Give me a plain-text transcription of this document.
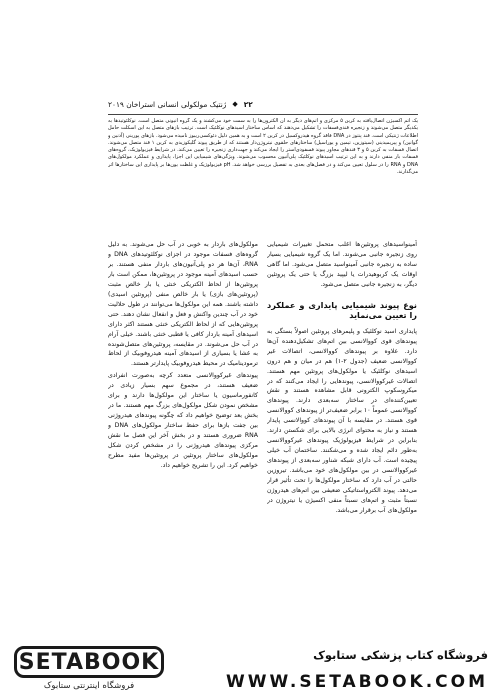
۲۲
◆
ژنتیک مولکولی انسانی استراخان ۲۰۱۹
یک اتم اکسیژن اتصال‌یافته به کربن ۵ مرکزی و اتم‌های دیگر به آن الکترون‌ها را به سمت خود می‌کشند و یک گروه آنیونی متصل است. نوکلئوتیدها به یکدیگر متصل می‌شوند و زنجیره قندی‌فسفات را تشکیل می‌دهند که اساس ساختار اسیدهای نوکلئیک است. ترتیب بازهای متصل به این اسکلت حامل اطلاعات ژنتیکی است. قند پنتوز در DNA فاقد گروه هیدروکسیل در کربن ۲ است و به همین دلیل دئوکسی‌ریبوز نامیده می‌شود. بازهای پورینی (آدنین و گوانین) و پیریمیدینی (سیتوزین، تیمین و یوراسیل) ساختارهای حلقوی نیتروژن‌دار هستند که از طریق پیوند گلیکوزیدی به کربن ۱ قند متصل می‌شوند. اتصال فسفات به کربن ۵ و ۳ قندهای مجاور پیوند فسفودی‌استر را ایجاد می‌کند و جهت‌داری زنجیره را تعیین می‌کند. در شرایط فیزیولوژیک، گروه‌های فسفات بار منفی دارند و به این ترتیب اسیدهای نوکلئیک پلی‌آنیون محسوب می‌شوند. ویژگی‌های شیمیایی این اجزا، پایداری و عملکرد مولکول‌های DNA و RNA را در سلول تعیین می‌کند و در فصل‌های بعدی به تفصیل بررسی خواهد شد. pH فیزیولوژیک و غلظت یون‌ها بر پایداری این ساختارها اثر می‌گذارند.

آمینواسیدهای پروتئین‌ها اغلب متحمل تغییرات شیمیایی روی زنجیره جانبی می‌شوند. اما یک گروه شیمیایی بسیار ساده به زنجیره جانبی آمینواسید متصل می‌شود. اما گاهی اوقات یک کربوهیدرات یا لیپید بزرگ یا حتی یک پروتئین دیگر، به زنجیره جانبی متصل می‌شود.

نوع پیوند شیمیایی پایداری و عملکرد را تعیین می‌نماید

پایداری اسید نوکلئیک و پلیمرهای پروتئین اصولاً بستگی به پیوندهای قوی کووالانسی بین اتم‌های تشکیل‌دهنده آن‌ها دارد. علاوه بر پیوندهای کووالانسی، اتصالات غیر کووالانسی ضعیف (جدول ۲-۱) هم در میان و هم درون اسیدهای نوکلئیک یا مولکول‌های پروتئین مهم هستند. اتصالات غیرکووالانسی، پیوندهایی را ایجاد می‌کنند که در میکروسکوپ الکترونی قابل مشاهده هستند و نقش تعیین‌کننده‌ای در ساختار سه‌بعدی دارند. پیوندهای کووالانسی عموماً ۱۰ برابر ضعیف‌تر از پیوندهای کووالانسی قوی هستند. در مقایسه با آن پیوندهای کووالانسی پایدار هستند و نیاز به محتوای انرژی بالایی برای شکستن دارند. بنابراین در شرایط فیزیولوژیک پیوندهای غیرکووالانسی به‌طور دائم ایجاد شده و می‌شکنند. ساختمان آب خیلی پیچیده است. آب دارای شبکه شناور سه‌بعدی از پیوندهای غیرکووالانسی در بین مولکول‌های خود می‌باشد. تیروزین حالتی در آب دارد که ساختار مولکول‌ها را تحت تأثیر قرار می‌دهد. پیوند الکترواستاتیکی ضعیفی بین اتم‌های هیدروژن نسبتاً مثبت و اتم‌های نسبتاً منفی اکسیژن یا نیتروژن در مولکول‌های آب برقرار می‌باشد.

مولکول‌های باردار به خوبی در آب حل می‌شوند. به دلیل گروه‌های فسفات موجود در اجزای نوکلئوتیدهای DNA و RNA، آن‌ها هر دو پلی‌آنیون‌های باردار منفی هستند. بر حسب اسیدهای آمینه موجود در پروتئین‌ها، ممکن است بار پروتئین‌ها از لحاظ الکتریکی خنثی یا بار خالص مثبت (پروتئین‌های بازی) یا بار خالص منفی (پروتئین اسیدی) داشته باشند. همه این مولکول‌ها می‌توانند در طول حلالیت خود در آب چندین واکنش و فعل و انفعال نشان دهند. حتی پروتئین‌هایی که از لحاظ الکتریکی خنثی هستند اکثر دارای اسیدهای آمینه باردار کافی یا قطبی خنثی باشند. خیلی آرام در آب حل می‌شوند. در مقایسه، پروتئین‌های متصل‌شونده به غشا یا بسیاری از اسیدهای آمینه هیدروفوبیک از لحاظ ترمودینامیک در محیط هیدروفوبیک پایدارتر هستند.

پیوندهای غیرکووالانسی متعدد کرچه به‌صورت انفرادی ضعیف هستند، در مجموع سهم بسیار زیادی در کانفورماسیون یا ساختار این مولکول‌ها دارند و برای مشخص نمودن شکل مولکول‌های بزرگ مهم هستند. ما در بخش بعد توضیح خواهیم داد که چگونه پیوندهای هیدروژنی بین جفت بازها برای حفظ ساختار مولکول‌های DNA و RNA ضروری هستند و در بخش آخر این فصل ما نقش مرکزی پیوندهای هیدروژنی را در مشخص کردن شکل مولکول‌های ساختار پروتئین در پروتئین‌ها مفید مطرح خواهیم کرد. این را تشریح خواهیم داد.

SETABOOK
فروشگاه اینترنتی ستابوک
فروشگاه کتاب پزشکی ستابوک
WWW.SETABOOK.COM
